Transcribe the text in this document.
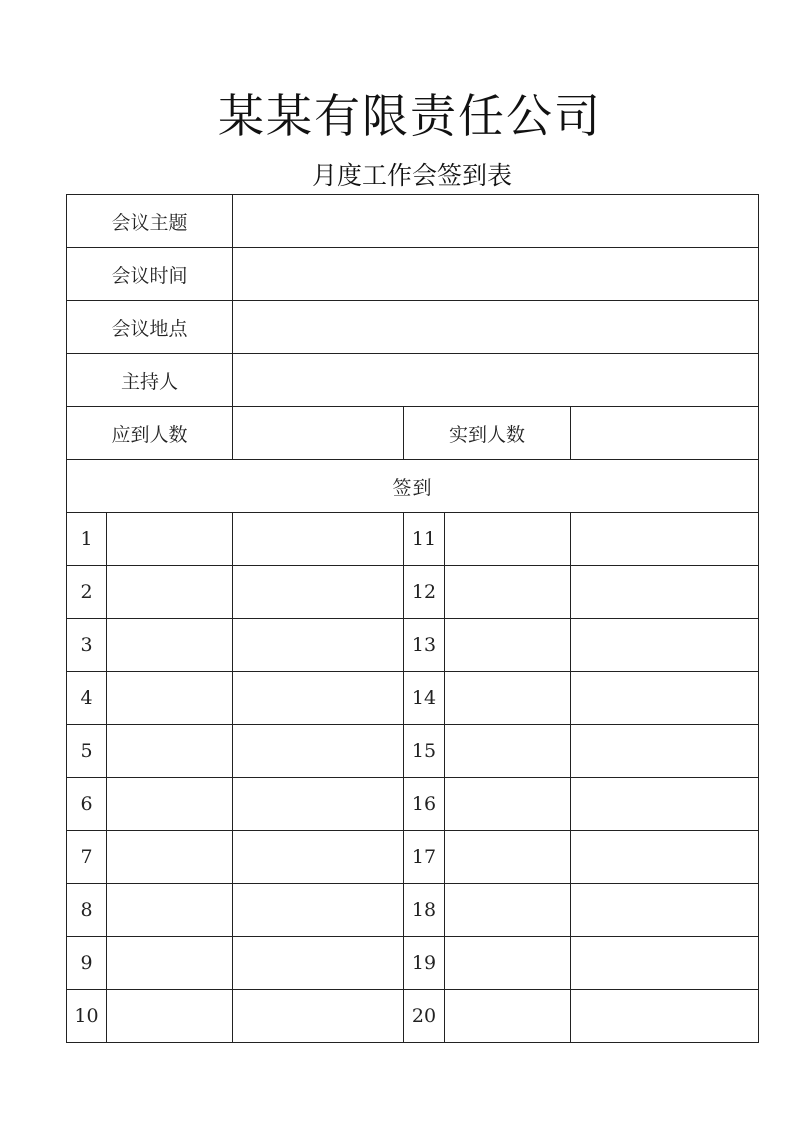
某某有限责任公司
月度工作会签到表
会议主题					
会议时间					
会议地点					
主持人					
应到人数			实到人数		
签到					
1			11		
2			12		
3			13		
4			14		
5			15		
6			16		
7			17		
8			18		
9			19		
10			20		
